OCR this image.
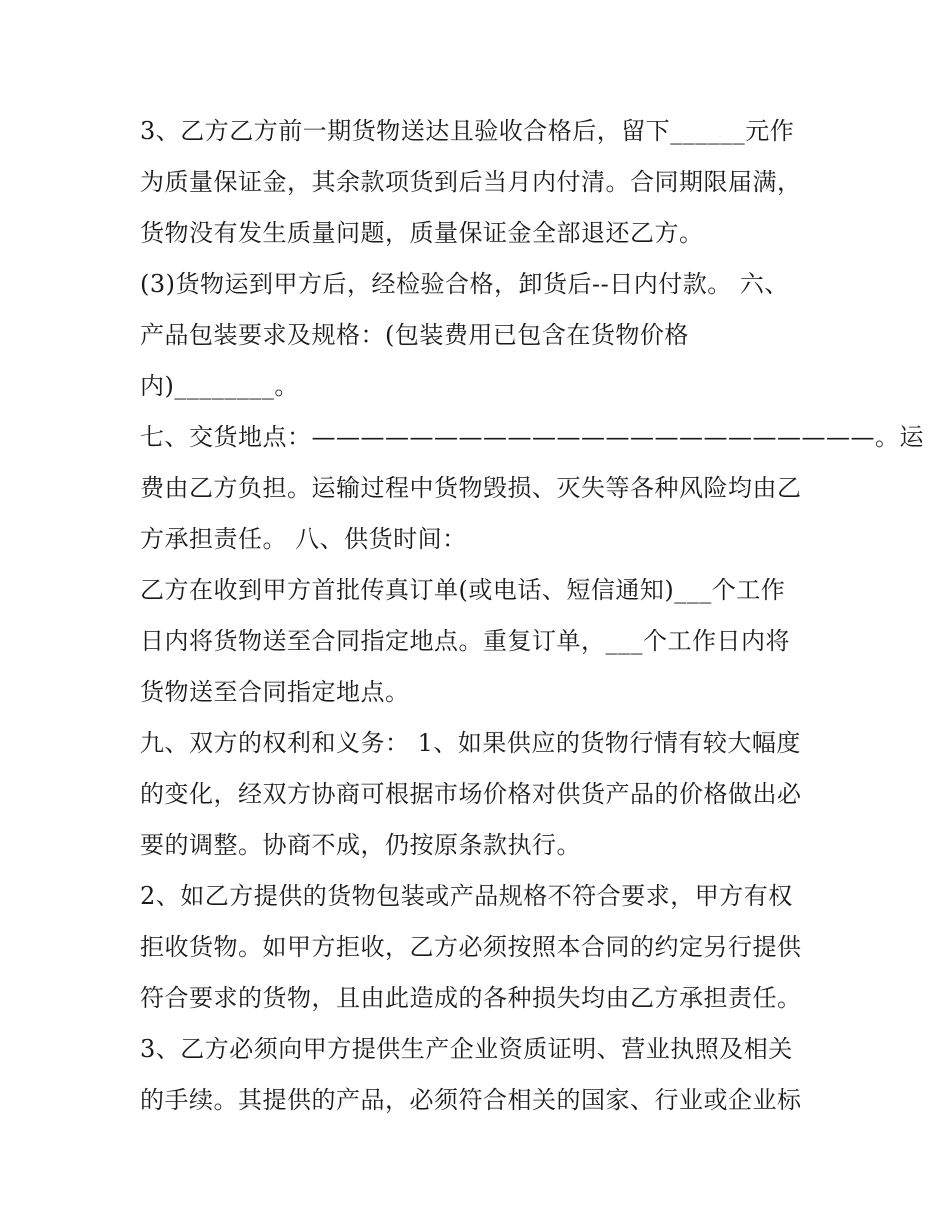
3、乙方乙方前一期货物送达且验收合格后，留下______元作
为质量保证金，其余款项货到后当月内付清。合同期限届满，
货物没有发生质量问题，质量保证金全部退还乙方。
(3)货物运到甲方后，经检验合格，卸货后--日内付款。 六、
产品包装要求及规格：(包装费用已包含在货物价格
内)________。
七、交货地点：———————————————————————。运
费由乙方负担。运输过程中货物毁损、灭失等各种风险均由乙
方承担责任。 八、供货时间：
乙方在收到甲方首批传真订单(或电话、短信通知)___个工作
日内将货物送至合同指定地点。重复订单，___个工作日内将
货物送至合同指定地点。
九、双方的权利和义务： 1、如果供应的货物行情有较大幅度
的变化，经双方协商可根据市场价格对供货产品的价格做出必
要的调整。协商不成，仍按原条款执行。
2、如乙方提供的货物包装或产品规格不符合要求，甲方有权
拒收货物。如甲方拒收，乙方必须按照本合同的约定另行提供
符合要求的货物，且由此造成的各种损失均由乙方承担责任。
3、乙方必须向甲方提供生产企业资质证明、营业执照及相关
的手续。其提供的产品，必须符合相关的国家、行业或企业标
